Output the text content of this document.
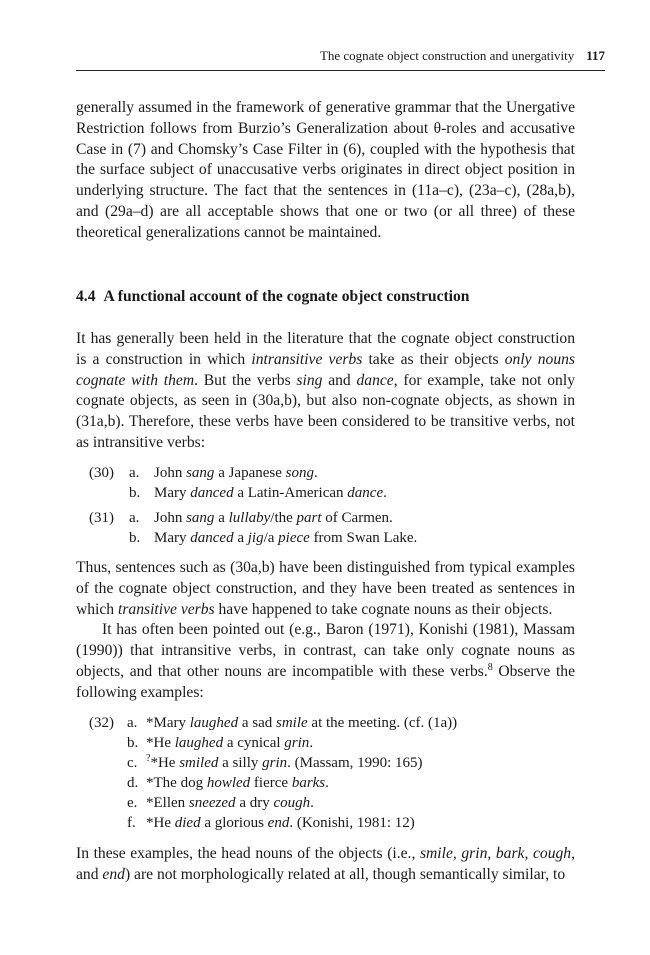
The cognate object construction and unergativity 117

generally assumed in the framework of generative grammar that the Unergative Restriction follows from Burzio’s Generalization about θ-roles and accusative Case in (7) and Chomsky’s Case Filter in (6), coupled with the hypothesis that the surface subject of unaccusative verbs originates in direct object position in underlying structure. The fact that the sentences in (11a–c), (23a–c), (28a,b), and (29a–d) are all acceptable shows that one or two (or all three) of these theoretical generalizations cannot be maintained.

4.4 A functional account of the cognate object construction

It has generally been held in the literature that the cognate object construction is a construction in which intransitive verbs take as their objects only nouns cognate with them. But the verbs sing and dance, for example, take not only cognate objects, as seen in (30a,b), but also non-cognate objects, as shown in (31a,b). Therefore, these verbs have been considered to be transitive verbs, not as intransitive verbs:

(30) a. John sang a Japanese song.
b. Mary danced a Latin-American dance.
(31) a. John sang a lullaby/the part of Carmen.
b. Mary danced a jig/a piece from Swan Lake.

Thus, sentences such as (30a,b) have been distinguished from typical examples of the cognate object construction, and they have been treated as sentences in which transitive verbs have happened to take cognate nouns as their objects.

It has often been pointed out (e.g., Baron (1971), Konishi (1981), Massam (1990)) that intransitive verbs, in contrast, can take only cognate nouns as objects, and that other nouns are incompatible with these verbs.$^8$ Observe the following examples:

(32) a. *Mary laughed a sad smile at the meeting. (cf. (1a))
b. *He laughed a cynical grin.
c. ?*He smiled a silly grin. (Massam, 1990: 165)
d. *The dog howled fierce barks.
e. *Ellen sneezed a dry cough.
f. *He died a glorious end. (Konishi, 1981: 12)

In these examples, the head nouns of the objects (i.e., smile, grin, bark, cough, and end) are not morphologically related at all, though semantically similar, to
